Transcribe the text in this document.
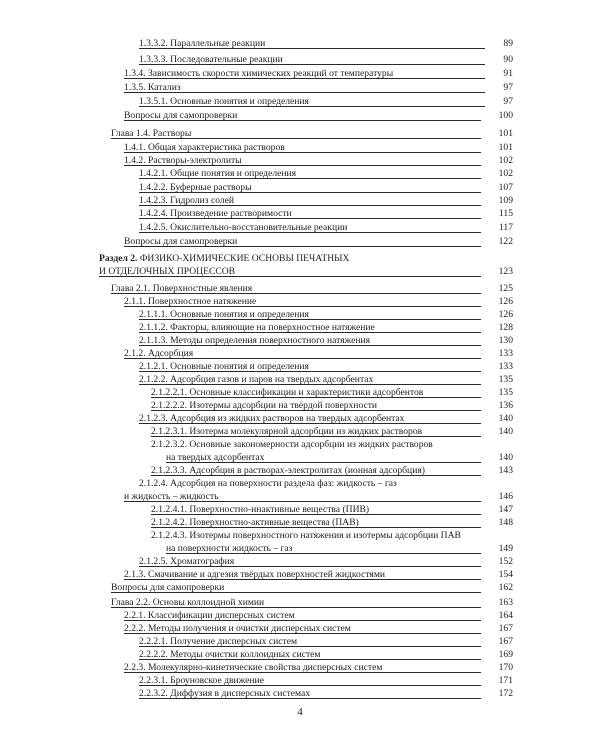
1.3.3.2. Параллельные реакции	89
1.3.3.3. Последовательные реакции	90
1.3.4. Зависимость скорости химических реакций от температуры	91
1.3.5. Катализ	97
1.3.5.1. Основные понятия и определения	97
Вопросы для самопроверки	100
Глава 1.4. Растворы	101
1.4.1. Общая характеристика растворов	101
1.4.2. Растворы-электролиты	102
1.4.2.1. Общие понятия и определения	102
1.4.2.2. Буферные растворы	107
1.4.2.3. Гидролиз солей	109
1.4.2.4. Произведение растворимости	115
1.4.2.5. Окислительно-восстановительные реакции	117
Вопросы для самопроверки	122
Раздел 2. ФИЗИКО-ХИМИЧЕСКИЕ ОСНОВЫ ПЕЧАТНЫХ
И ОТДЕЛОЧНЫХ ПРОЦЕССОВ	123
Глава 2.1. Поверхностные явления	125
2.1.1. Поверхностное натяжение	126
2.1.1.1. Основные понятия и определения	126
2.1.1.2. Факторы, влияющие на поверхностное натяжение	128
2.1.1.3. Методы определения поверхностного натяжения	130
2.1.2. Адсорбция	133
2.1.2.1. Основные понятия и определения	133
2.1.2.2. Адсорбция газов и паров на твердых адсорбентах	135
2.1.2.2.1. Основные классификации и характеристики адсорбентов	135
2.1.2.2.2. Изотермы адсорбции на твёрдой поверхности	136
2.1.2.3. Адсорбция из жидких растворов на твердых адсорбентах	140
2.1.2.3.1. Изотерма молекулярной адсорбции из жидких растворов	140
2.1.2.3.2. Основные закономерности адсорбции из жидких растворов
на твердых адсорбентах	140
2.1.2.3.3. Адсорбция в растворах-электролитах (ионная адсорбция)	143
2.1.2.4. Адсорбция на поверхности раздела фаз: жидкость – газ
и жидкость – жидкость	146
2.1.2.4.1. Поверхностно-инактивные вещества (ПИВ)	147
2.1.2.4.2. Поверхностно-активные вещества (ПАВ)	148
2.1.2.4.3. Изотермы поверхностного натяжения и изотермы адсорбции ПАВ
на поверхности жидкость – газ	149
2.1.2.5. Хроматография	152
2.1.3. Смачивание и адгезия твёрдых поверхностей жидкостями	154
Вопросы для самопроверки	162
Глава 2.2. Основы коллоидной химии	163
2.2.1. Классификации дисперсных систем	164
2.2.2. Методы получения и очистки дисперсных систем	167
2.2.2.1. Получение дисперсных систем	167
2.2.2.2. Методы очистки коллоидных систем	169
2.2.3. Молекулярно-кинетические свойства дисперсных систем	170
2.2.3.1. Броуновское движение	171
2.2.3.2. Диффузия в дисперсных системах	172
4
